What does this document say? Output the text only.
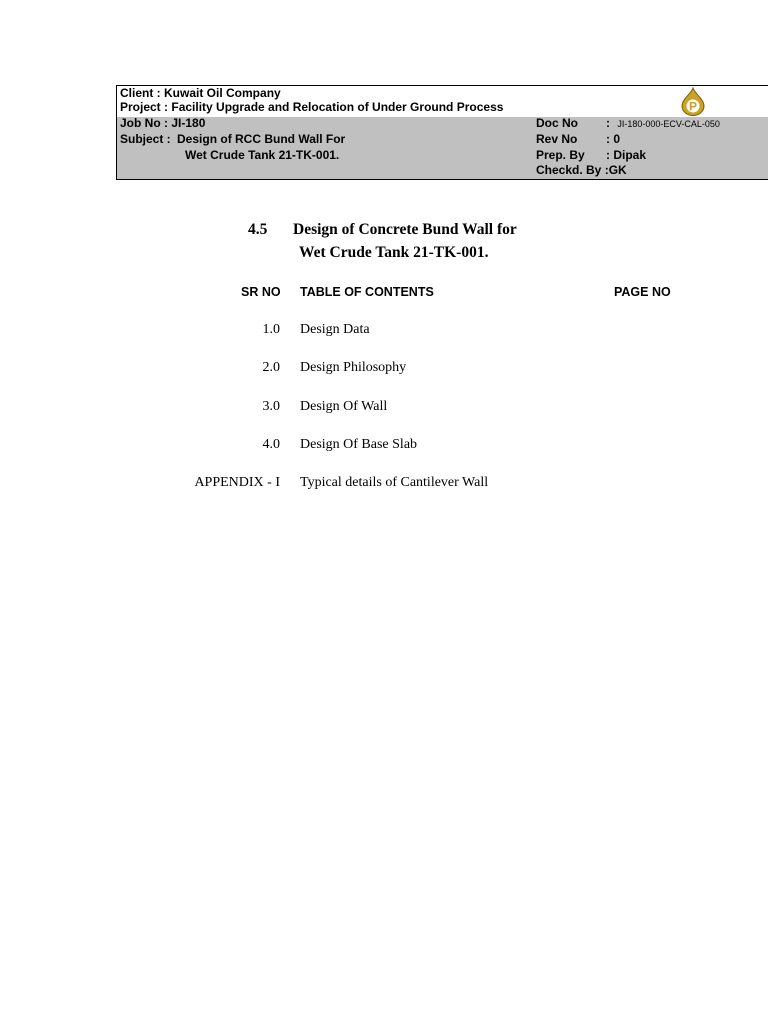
Client : Kuwait Oil Company
Project : Facility Upgrade and Relocation of Under Ground Process
Job No : JI-180
Subject : Design of RCC Bund Wall For
Wet Crude Tank 21-TK-001.
Doc No : JI-180-000-ECV-CAL-050
Rev No : 0
Prep. By : Dipak
Checkd. By :GK
P
4.5 Design of Concrete Bund Wall for
Wet Crude Tank 21-TK-001.
SR NO TABLE OF CONTENTS	PAGE NO
1.0 Design Data
2.0 Design Philosophy
3.0 Design Of Wall
4.0 Design Of Base Slab
APPENDIX - I Typical details of Cantilever Wall
